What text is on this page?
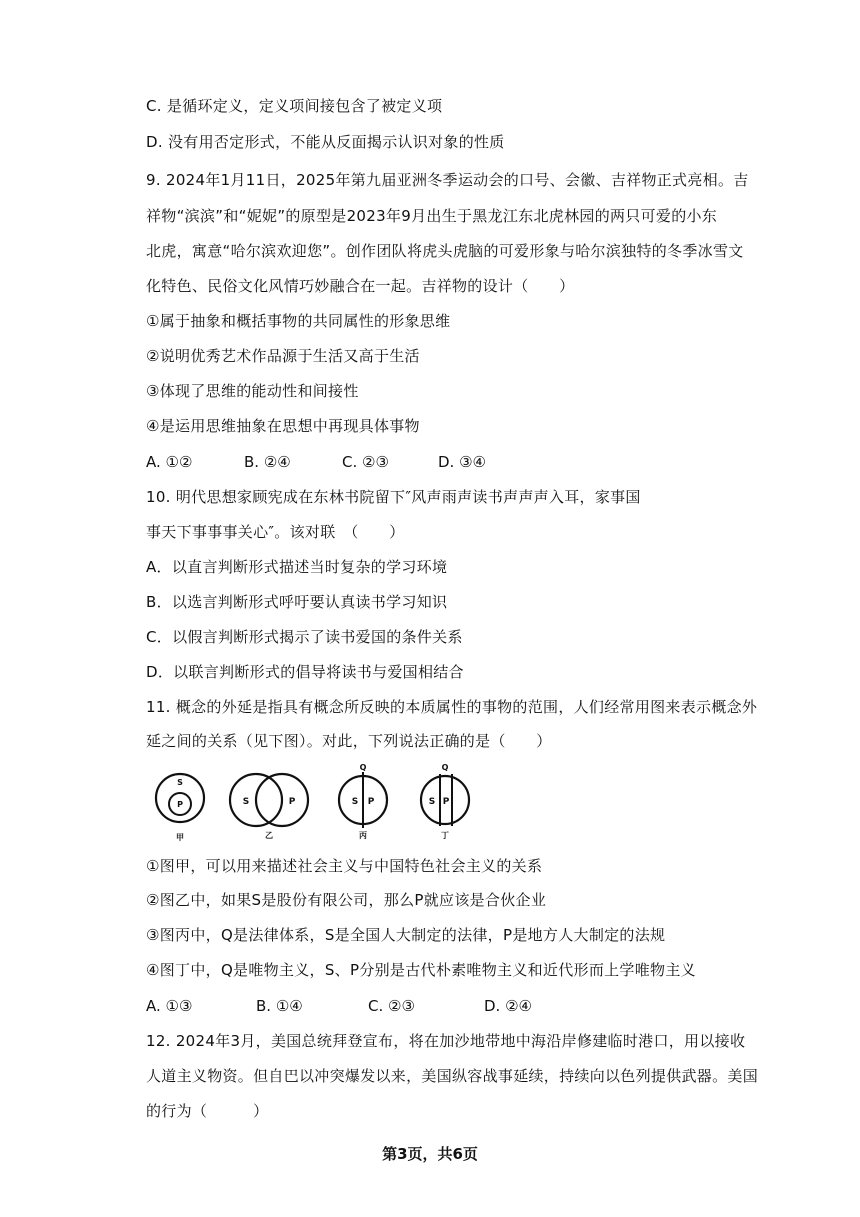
C. 是循环定义，定义项间接包含了被定义项
D. 没有用否定形式，不能从反面揭示认识对象的性质
9. 2024年1月11日，2025年第九届亚洲冬季运动会的口号、会徽、吉祥物正式亮相。吉
祥物“滨滨”和“妮妮”的原型是2023年9月出生于黑龙江东北虎林园的两只可爱的小东
北虎，寓意“哈尔滨欢迎您”。创作团队将虎头虎脑的可爱形象与哈尔滨独特的冬季冰雪文
化特色、民俗文化风情巧妙融合在一起。吉祥物的设计（　　）
①属于抽象和概括事物的共同属性的形象思维
②说明优秀艺术作品源于生活又高于生活
③体现了思维的能动性和间接性
④是运用思维抽象在思想中再现具体事物
A. ①②	B. ②④	C. ②③	D. ③④
10. 明代思想家顾宪成在东林书院留下″风声雨声读书声声声入耳，家事国
事天下事事事关心″。该对联　（　　）
A．以直言判断形式描述当时复杂的学习环境
B．以选言判断形式呼吁要认真读书学习知识
C．以假言判断形式揭示了读书爱国的条件关系
D．以联言判断形式的倡导将读书与爱国相结合
11. 概念的外延是指具有概念所反映的本质属性的事物的范围，人们经常用图来表示概念外
延之间的关系（见下图）。对此，下列说法正确的是（　　）
S
P
甲
S	P
乙
Q
S P
丙
Q
S P
丁
①图甲，可以用来描述社会主义与中国特色社会主义的关系
②图乙中，如果S是股份有限公司，那么P就应该是合伙企业
③图丙中，Q是法律体系，S是全国人大制定的法律，P是地方人大制定的法规
④图丁中，Q是唯物主义，S、P分别是古代朴素唯物主义和近代形而上学唯物主义
A. ①③	B. ①④	C. ②③	D. ②④
12. 2024年3月，美国总统拜登宣布，将在加沙地带地中海沿岸修建临时港口，用以接收
人道主义物资。但自巴以冲突爆发以来，美国纵容战事延续，持续向以色列提供武器。美国
的行为（　　　）
第3页，共6页
